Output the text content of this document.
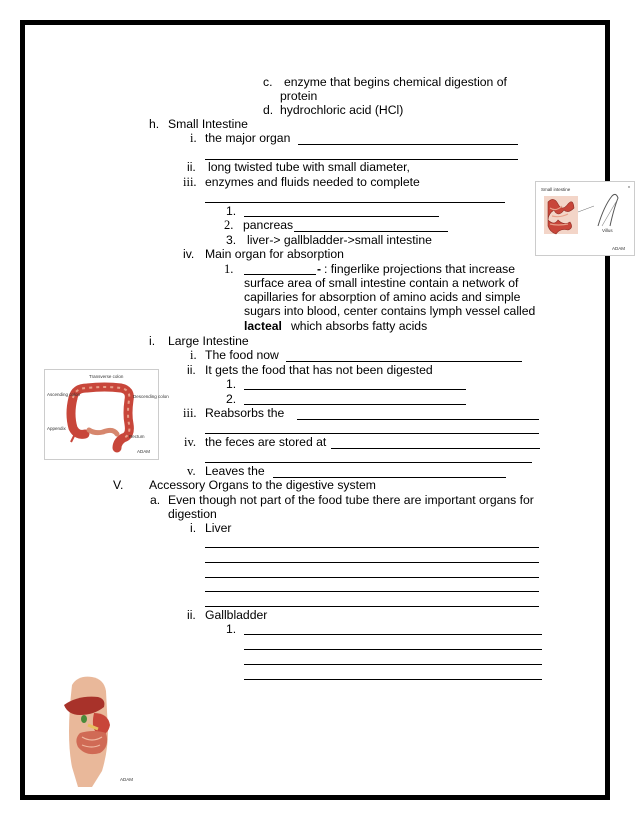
c. enzyme that begins chemical digestion of
protein
d. hydrochloric acid (HCl)
h. Small Intestine
i. the major organ
ii. long twisted tube with small diameter,
iii. enzymes and fluids needed to complete
1.
2. pancreas
3. liver-> gallbladder->small intestine
iv. Main organ for absorption
1.	- : fingerlike projections that increase
surface area of small intestine contain a network of
capillaries for absorption of amino acids and simple
sugars into blood, center contains lymph vessel called
lacteal which absorbs fatty acids
i. Large Intestine
i. The food now
ii. It gets the food that has not been digested
1.
2.
iii. Reabsorbs the
iv. the feces are stored at
v. Leaves the
V. Accessory Organs to the digestive system
a. Even though not part of the food tube there are important organs for
digestion
i. Liver
ii. Gallbladder
1.
Small intestine
x
Villus
ADAM
Transverse colon
Ascending colon	Descending colon
Appendix
Rectum
ADAM
ADAM
